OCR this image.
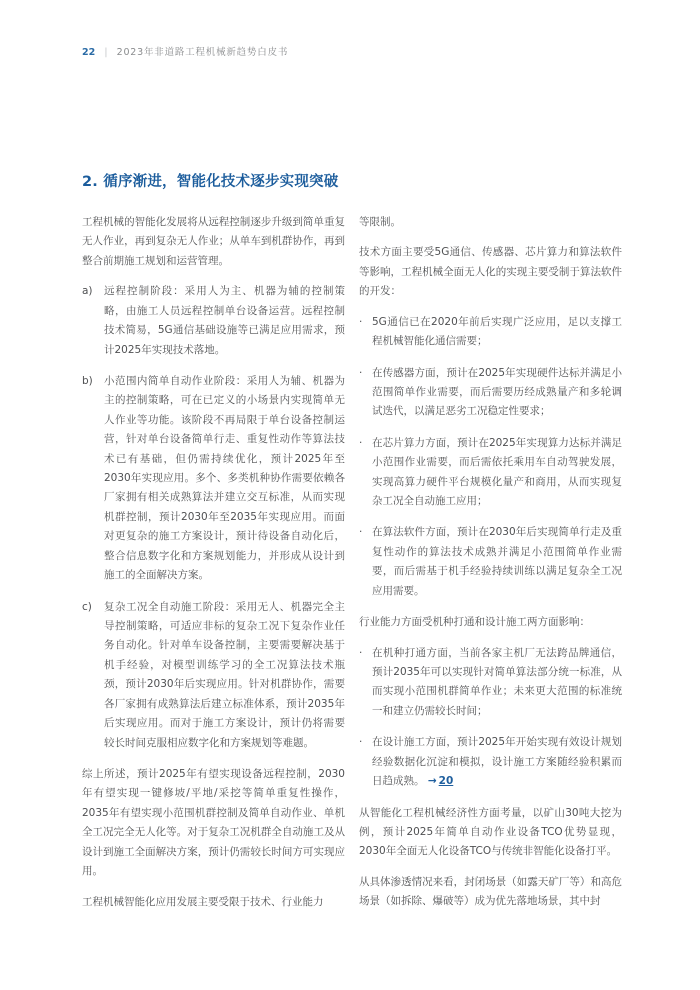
22 | 2023年非道路工程机械新趋势白皮书
2. 循序渐进，智能化技术逐步实现突破

工程机械的智能化发展将从远程控制逐步升级到简单重复无人作业，再到复杂无人作业；从单车到机群协作，再到整合前期施工规划和运营管理。

a) 远程控制阶段：采用人为主、机器为辅的控制策略，由施工人员远程控制单台设备运营。远程控制技术简易，5G通信基础设施等已满足应用需求，预计2025年实现技术落地。
b) 小范围内简单自动作业阶段：采用人为辅、机器为主的控制策略，可在已定义的小场景内实现简单无人作业等功能。该阶段不再局限于单台设备控制运营，针对单台设备简单行走、重复性动作等算法技术已有基础，但仍需持续优化，预计2025年至2030年实现应用。多个、多类机种协作需要依赖各厂家拥有相关成熟算法并建立交互标准，从而实现机群控制，预计2030年至2035年实现应用。而面对更复杂的施工方案设计，预计待设备自动化后，整合信息数字化和方案规划能力，并形成从设计到施工的全面解决方案。
c) 复杂工况全自动施工阶段：采用无人、机器完全主导控制策略，可适应非标的复杂工况下复杂作业任务自动化。针对单车设备控制，主要需要解决基于机手经验，对模型训练学习的全工况算法技术瓶颈，预计2030年后实现应用。针对机群协作，需要各厂家拥有成熟算法后建立标准体系，预计2035年后实现应用。而对于施工方案设计，预计仍将需要较长时间克服相应数字化和方案规划等难题。

综上所述，预计2025年有望实现设备远程控制，2030年有望实现一键修坡/平地/采挖等简单重复性操作，2035年有望实现小范围机群控制及简单自动作业、单机全工况完全无人化等。对于复杂工况机群全自动施工及从设计到施工全面解决方案，预计仍需较长时间方可实现应用。

工程机械智能化应用发展主要受限于技术、行业能力

等限制。

技术方面主要受5G通信、传感器、芯片算力和算法软件等影响，工程机械全面无人化的实现主要受制于算法软件的开发：

· 5G通信已在2020年前后实现广泛应用，足以支撑工程机械智能化通信需要；
· 在传感器方面，预计在2025年实现硬件达标并满足小范围简单作业需要，而后需要历经成熟量产和多轮调试迭代，以满足恶劣工况稳定性要求；
· 在芯片算力方面，预计在2025年实现算力达标并满足小范围作业需要，而后需依托乘用车自动驾驶发展，实现高算力硬件平台规模化量产和商用，从而实现复杂工况全自动施工应用；
· 在算法软件方面，预计在2030年后实现简单行走及重复性动作的算法技术成熟并满足小范围简单作业需要，而后需基于机手经验持续训练以满足复杂全工况应用需要。

行业能力方面受机种打通和设计施工两方面影响：

· 在机种打通方面，当前各家主机厂无法跨品牌通信，预计2035年可以实现针对简单算法部分统一标准，从而实现小范围机群简单作业；未来更大范围的标准统一和建立仍需较长时间；
· 在设计施工方面，预计2025年开始实现有效设计规划经验数据化沉淀和模拟，设计施工方案随经验积累而日趋成熟。 → 20

从智能化工程机械经济性方面考量，以矿山30吨大挖为例，预计2025年简单自动作业设备TCO优势显现，2030年全面无人化设备TCO与传统非智能化设备打平。

从具体渗透情况来看，封闭场景（如露天矿厂等）和高危场景（如拆除、爆破等）成为优先落地场景，其中封
